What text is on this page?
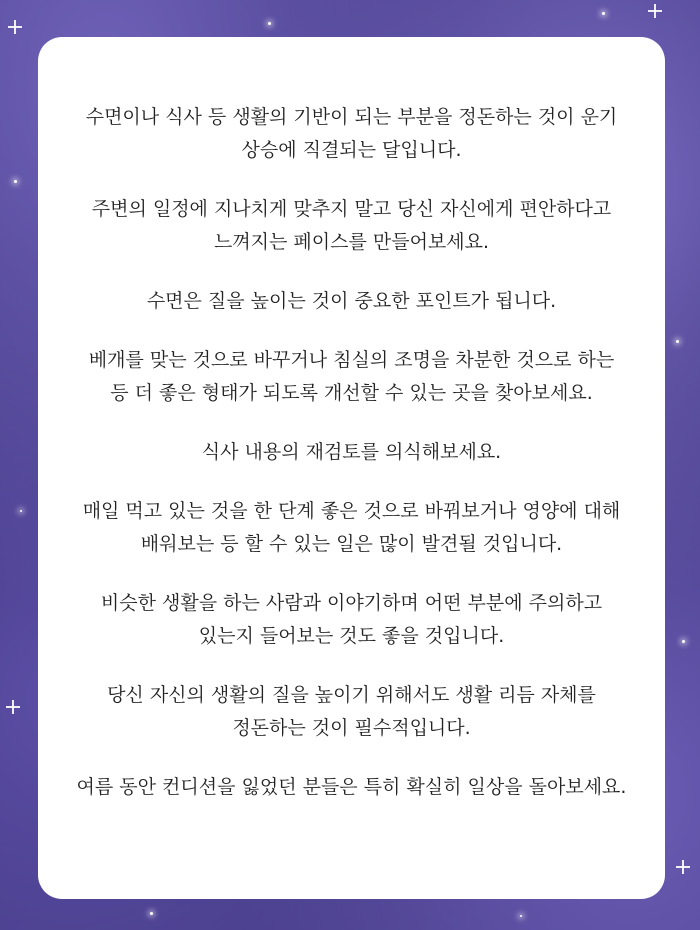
수면이나 식사 등 생활의 기반이 되는 부분을 정돈하는 것이 운기
상승에 직결되는 달입니다.

주변의 일정에 지나치게 맞추지 말고 당신 자신에게 편안하다고
느껴지는 페이스를 만들어보세요.

수면은 질을 높이는 것이 중요한 포인트가 됩니다.

베개를 맞는 것으로 바꾸거나 침실의 조명을 차분한 것으로 하는
등 더 좋은 형태가 되도록 개선할 수 있는 곳을 찾아보세요.

식사 내용의 재검토를 의식해보세요.

매일 먹고 있는 것을 한 단계 좋은 것으로 바꿔보거나 영양에 대해
배워보는 등 할 수 있는 일은 많이 발견될 것입니다.

비슷한 생활을 하는 사람과 이야기하며 어떤 부분에 주의하고
있는지 들어보는 것도 좋을 것입니다.

당신 자신의 생활의 질을 높이기 위해서도 생활 리듬 자체를
정돈하는 것이 필수적입니다.

여름 동안 컨디션을 잃었던 분들은 특히 확실히 일상을 돌아보세요.
